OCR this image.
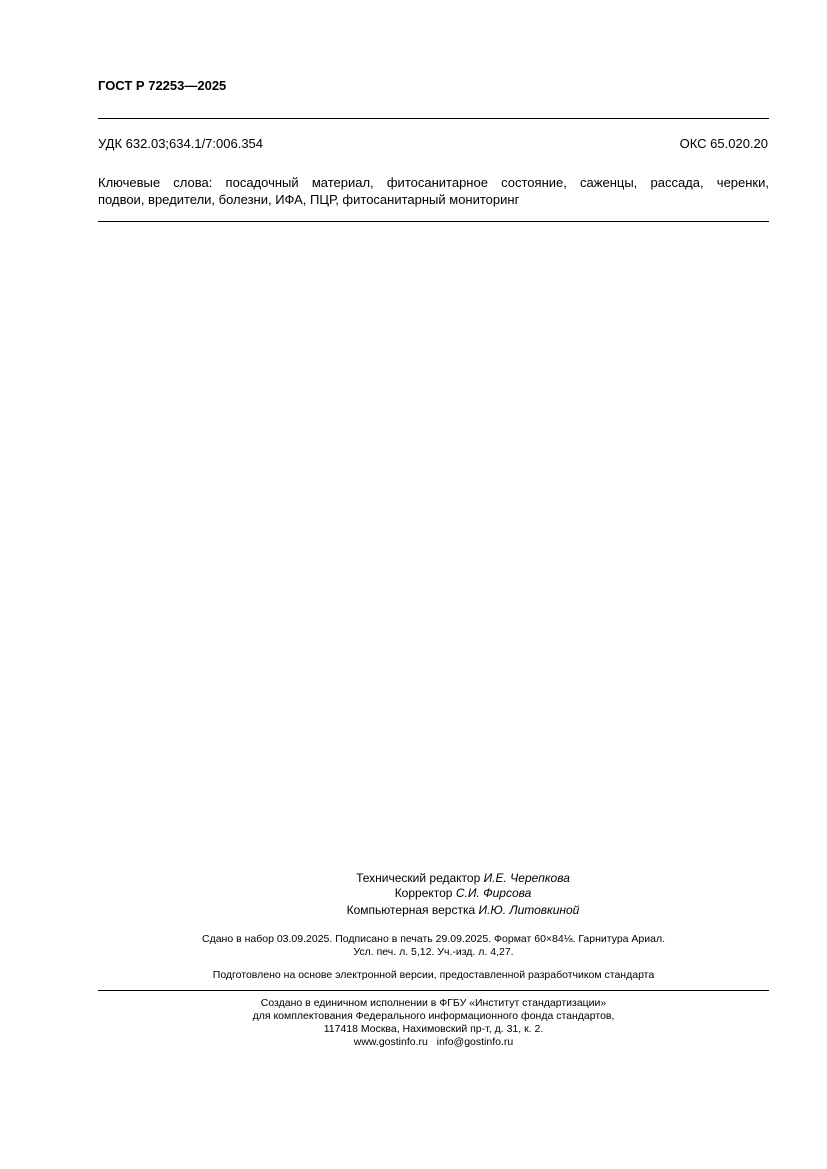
ГОСТ Р 72253—2025
УДК 632.03;634.1/7:006.354	ОКС 65.020.20
Ключевые слова: посадочный материал, фитосанитарное состояние, саженцы, рассада, черенки,
подвои, вредители, болезни, ИФА, ПЦР, фитосанитарный мониторинг
Технический редактор И.Е. Черепкова
Корректор С.И. Фирсова
Компьютерная верстка И.Ю. Литовкиной
Сдано в набор 03.09.2025. Подписано в печать 29.09.2025. Формат 60×84⅛. Гарнитура Ариал.
Усл. печ. л. 5,12. Уч.-изд. л. 4,27.
Подготовлено на основе электронной версии, предоставленной разработчиком стандарта
Создано в единичном исполнении в ФГБУ «Институт стандартизации»
для комплектования Федерального информационного фонда стандартов,
117418 Москва, Нахимовский пр-т, д. 31, к. 2.
www.gostinfo.ru info@gostinfo.ru
